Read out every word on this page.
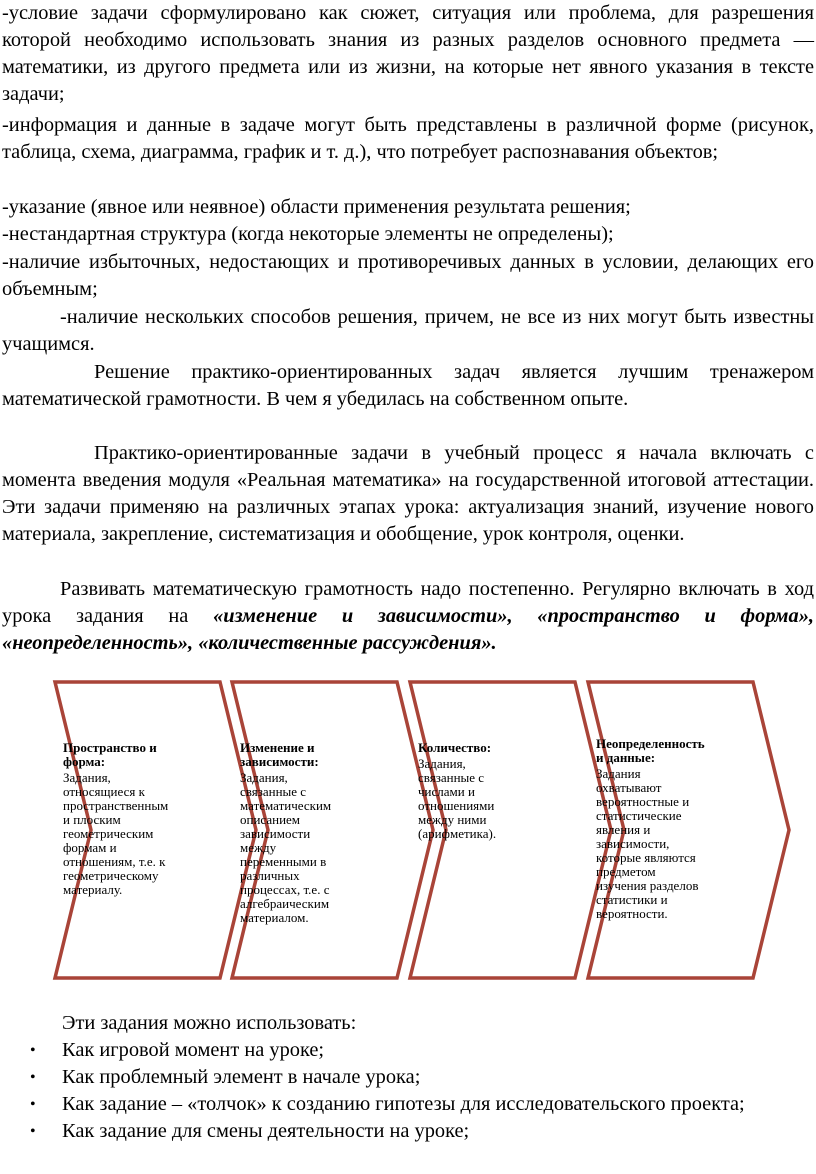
-условие задачи сформулировано как сюжет, ситуация или проблема, для разрешения которой необходимо использовать знания из разных разделов основного предмета — математики, из другого предмета или из жизни, на которые нет явного указания в тексте задачи;

-информация и данные в задаче могут быть представлены в различной форме (рисунок, таблица, схема, диаграмма, график и т. д.), что потребует распознавания объектов;

-указание (явное или неявное) области применения результата решения;

-нестандартная структура (когда некоторые элементы не определены);

-наличие избыточных, недостающих и противоречивых данных в условии, делающих его объемным;

-наличие нескольких способов решения, причем, не все из них могут быть известны учащимся.

Решение практико-ориентированных задач является лучшим тренажером математической грамотности. В чем я убедилась на собственном опыте.

Практико-ориентированные задачи в учебный процесс я начала включать с момента введения модуля «Реальная математика» на государственной итоговой аттестации. Эти задачи применяю на различных этапах урока: актуализация знаний, изучение нового материала, закрепление, систематизация и обобщение, урок контроля, оценки.

Развивать математическую грамотность надо постепенно. Регулярно включать в ход урока задания на «изменение и зависимости», «пространство и форма», «неопределенность», «количественные рассуждения».

Пространство и
форма:
Задания,
относящиеся к
пространственным
и плоским
геометрическим
формам и
отношениям, т.е. к
геометрическому
материалу.
Изменение и
зависимости:
Задания,
связанные с
математическим
описанием
зависимости
между
переменными в
различных
процессах, т.е. с
алгебраическим
материалом.
Количество:
Задания,
связанные с
числами и
отношениями
между ними
(арифметика).
Неопределенность
и данные:
Задания
охватывают
вероятностные и
статистические
явления и
зависимости,
которые являются
предметом
изучения разделов
статистики и
вероятности.

Эти задания можно использовать:

• Как игровой момент на уроке;
• Как проблемный элемент в начале урока;
• Как задание – «толчок» к созданию гипотезы для исследовательского проекта;
• Как задание для смены деятельности на уроке;
